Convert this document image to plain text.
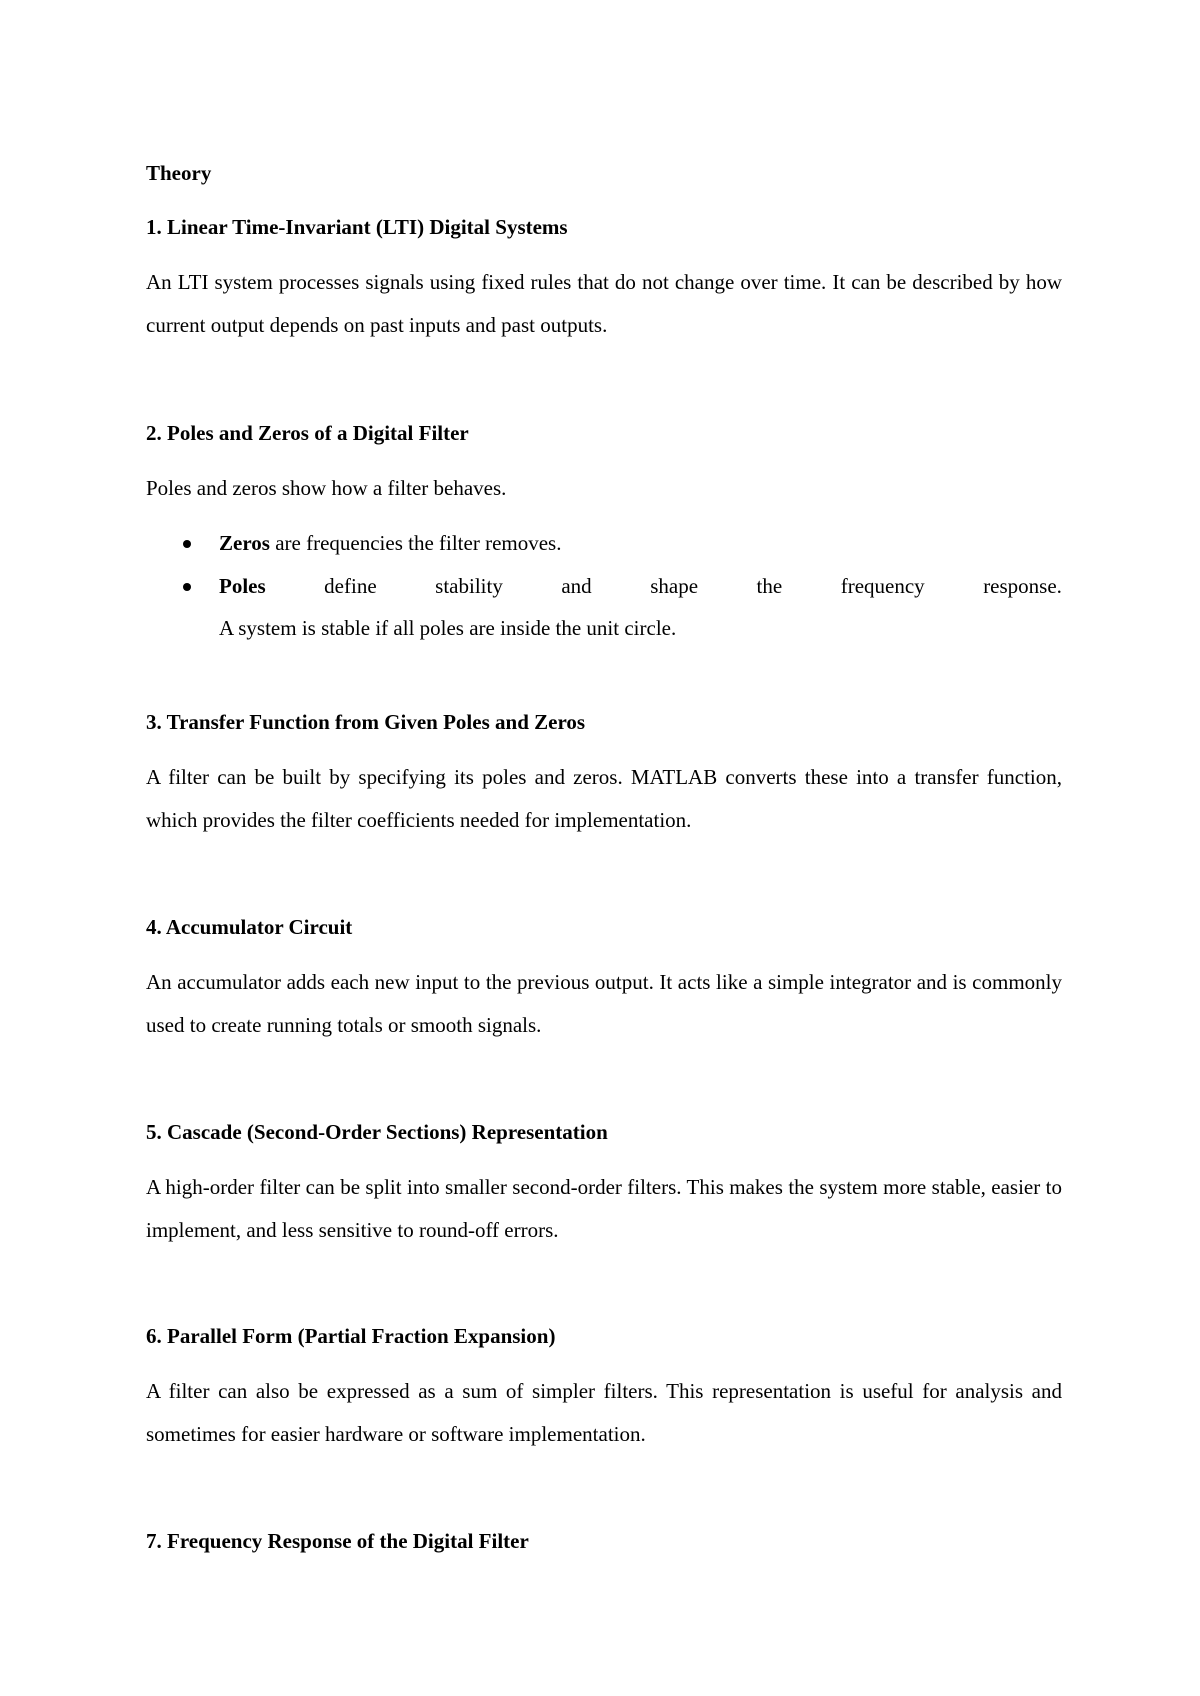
Theory
1. Linear Time-Invariant (LTI) Digital Systems

An LTI system processes signals using fixed rules that do not change over time. It can be described by how current output depends on past inputs and past outputs.

2. Poles and Zeros of a Digital Filter

Poles and zeros show how a filter behaves.

Zeros are frequencies the filter removes.
Poles	define	stability	and	shape	the	frequency	response.
A system is stable if all poles are inside the unit circle.
3. Transfer Function from Given Poles and Zeros

A filter can be built by specifying its poles and zeros. MATLAB converts these into a transfer function, which provides the filter coefficients needed for implementation.

4. Accumulator Circuit

An accumulator adds each new input to the previous output. It acts like a simple integrator and is commonly used to create running totals or smooth signals.

5. Cascade (Second-Order Sections) Representation

A high-order filter can be split into smaller second-order filters. This makes the system more stable, easier to implement, and less sensitive to round-off errors.

6. Parallel Form (Partial Fraction Expansion)

A filter can also be expressed as a sum of simpler filters. This representation is useful for analysis and sometimes for easier hardware or software implementation.

7. Frequency Response of the Digital Filter
